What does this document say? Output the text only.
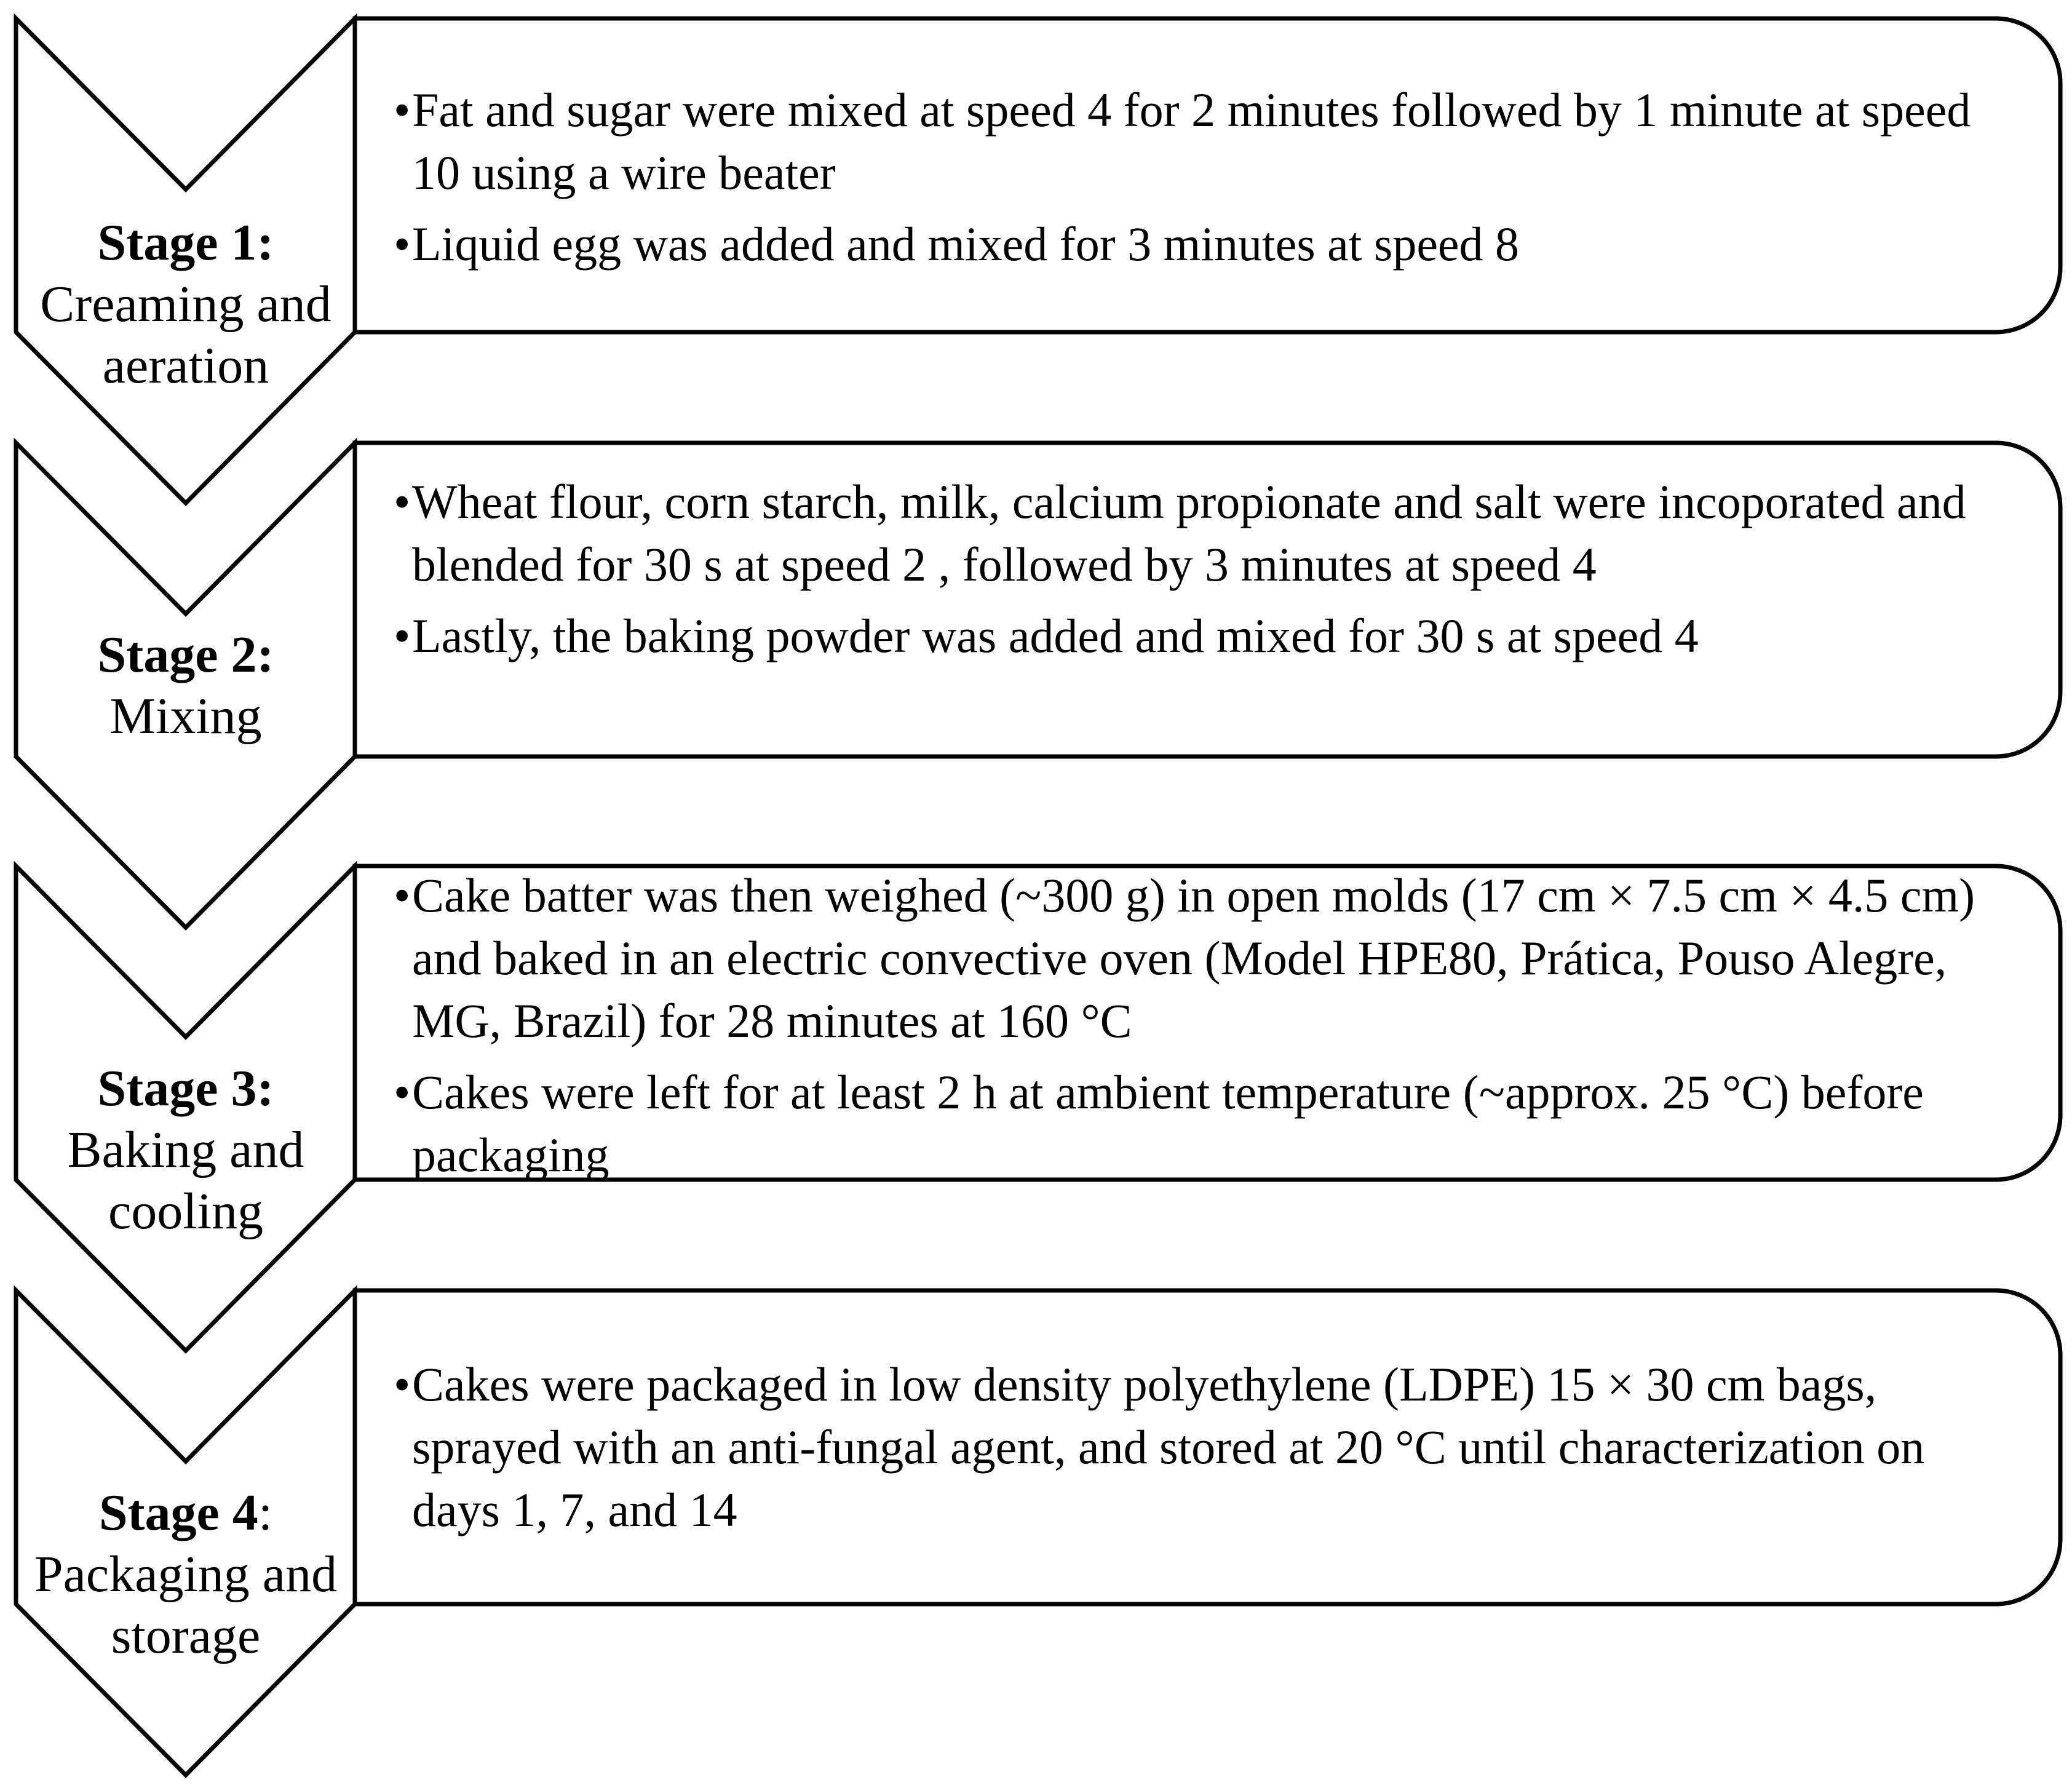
Stage 1:
Creaming and aeration
• Fat and sugar were mixed at speed 4 for 2 minutes followed by 1 minute at speed 10 using a wire beater
• Liquid egg was added and mixed for 3 minutes at speed 8
Stage 2:
Mixing
• Wheat flour, corn starch, milk, calcium propionate and salt were incoporated and blended for 30 s at speed 2 , followed by 3 minutes at speed 4
• Lastly, the baking powder was added and mixed for 30 s at speed 4
Stage 3:
Baking and cooling
• Cake batter was then weighed (~300 g) in open molds (17 cm × 7.5 cm × 4.5 cm) and baked in an electric convective oven (Model HPE80, Prática, Pouso Alegre, MG, Brazil) for 28 minutes at 160 °C
• Cakes were left for at least 2 h at ambient temperature (~approx. 25 °C) before packaging
Stage 4:
Packaging and storage
• Cakes were packaged in low density polyethylene (LDPE) 15 × 30 cm bags, sprayed with an anti-fungal agent, and stored at 20 °C until characterization on days 1, 7, and 14
